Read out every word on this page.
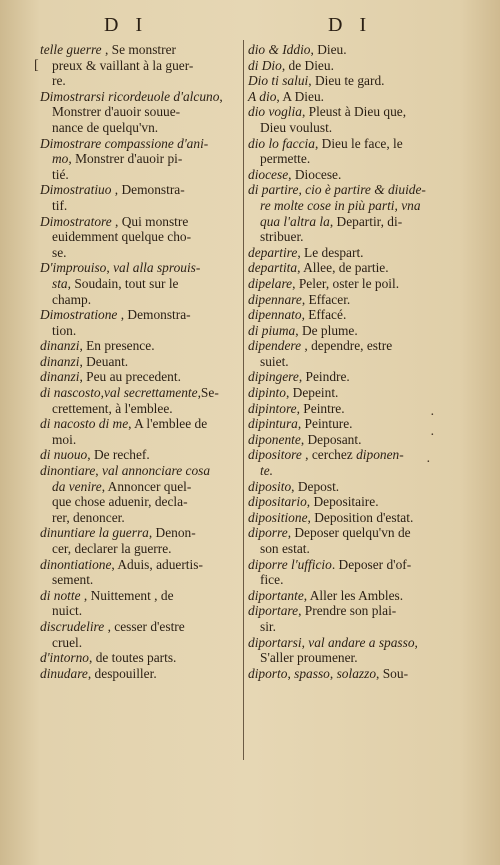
D I	D I
telle guerre , Se monstrer
preux & vaillant à la guer-
re.
Dimostrarsi ricordeuole d'alcuno,
Monstrer d'auoir souue-
nance de quelqu'vn.
Dimostrare compassione d'ani-
mo, Monstrer d'auoir pi-
tié.
Dimostratiuo , Demonstra-
tif.
Dimostratore , Qui monstre
euidemment quelque cho-
se.
D'improuiso, val alla sprouis-
sta, Soudain, tout sur le
champ.
Dimostratione , Demonstra-
tion.
dinanzi, En presence.
dinanzi, Deuant.
dinanzi, Peu au precedent.
di nascosto,val secrettamente,Se-
crettement, à l'emblee.
di nacosto di me, A l'emblee de
moi.
di nuouo, De rechef.
dinontiare, val annonciare cosa
da venire, Annoncer quel-
que chose aduenir, decla-
rer, denoncer.
dinuntiare la guerra, Denon-
cer, declarer la guerre.
dinontiatione, Aduis, aduertis-
sement.
di notte , Nuittement , de
nuict.
discrudelire , cesser d'estre
cruel.
d'intorno, de toutes parts.
dinudare, despouiller.
dio & Iddio, Dieu.
di Dio, de Dieu.
Dio ti salui, Dieu te gard.
A dio, A Dieu.
dio voglia, Pleust à Dieu que,
Dieu voulust.
dio lo faccia, Dieu le face, le
permette.
diocese, Diocese.
di partire, cio è partire & diuide-
re molte cose in più parti, vna
qua l'altra la, Departir, di-
stribuer.
departire, Le despart.
departita, Allee, de partie.
dipelare, Peler, oster le poil.
dipennare, Effacer.
dipennato, Effacé.
di piuma, De plume.
dipendere , dependre, estre
suiet.
dipingere, Peindre.
dipinto, Depeint.
dipintore, Peintre.
dipintura, Peinture.
diponente, Deposant.
dipositore , cerchez diponen-
te.
diposito, Depost.
dipositario, Depositaire.
dipositione, Deposition d'estat.
diporre, Deposer quelqu'vn de
son estat.
diporre l'ufficio. Deposer d'of-
fice.
diportante, Aller les Ambles.
diportare, Prendre son plai-
sir.
diportarsi, val andare a spasso,
S'aller proumener.
diporto, spasso, solazzo, Sou-
[
·
·
·
